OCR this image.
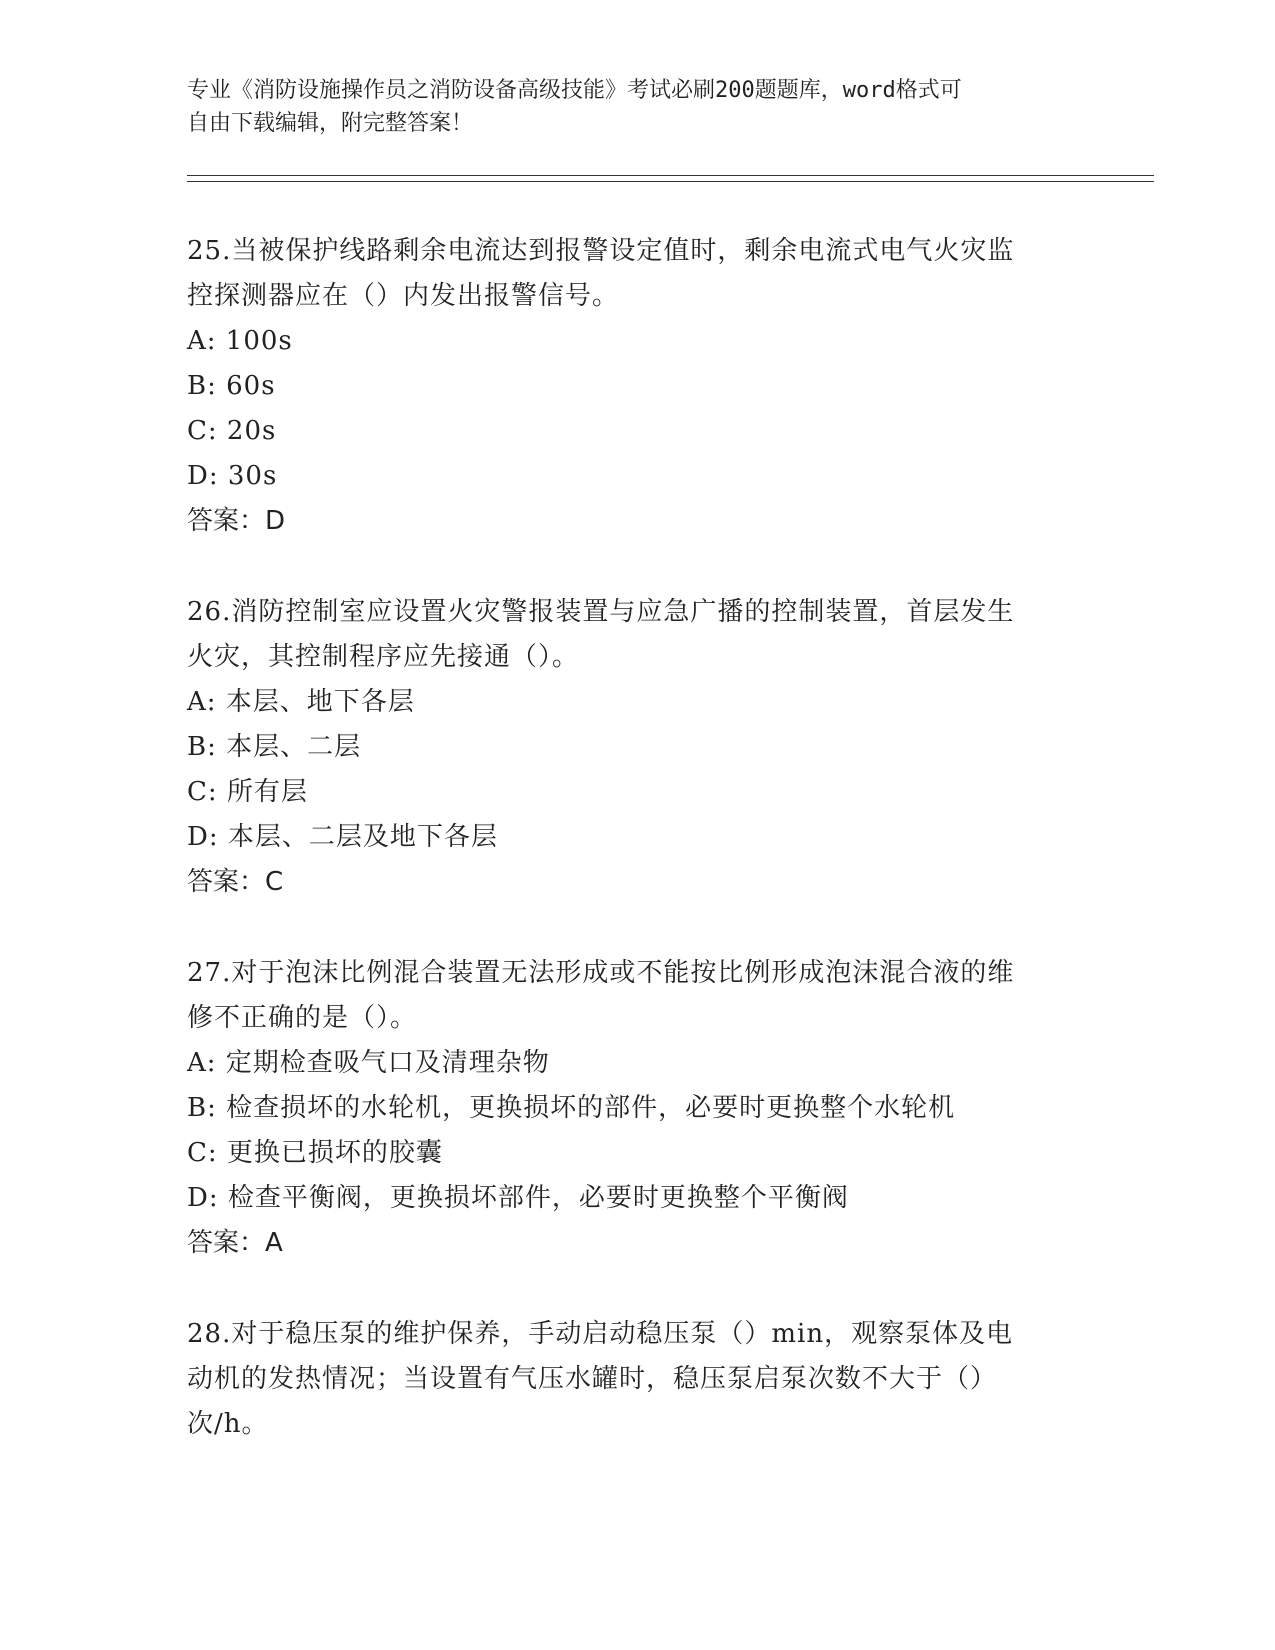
专业《消防设施操作员之消防设备高级技能》考试必刷200题题库，word格式可
自由下载编辑，附完整答案！

25.当被保护线路剩余电流达到报警设定值时，剩余电流式电气火灾监

控探测器应在（）内发出报警信号。

A: 100s

B: 60s

C: 20s

D: 30s

答案：D

26.消防控制室应设置火灾警报装置与应急广播的控制装置，首层发生

火灾，其控制程序应先接通（）。

A: 本层、地下各层

B: 本层、二层

C: 所有层

D: 本层、二层及地下各层

答案：C

27.对于泡沫比例混合装置无法形成或不能按比例形成泡沫混合液的维

修不正确的是（）。

A: 定期检查吸气口及清理杂物

B: 检查损坏的水轮机，更换损坏的部件，必要时更换整个水轮机

C: 更换已损坏的胶囊

D: 检查平衡阀，更换损坏部件，必要时更换整个平衡阀

答案：A

28.对于稳压泵的维护保养，手动启动稳压泵（）min，观察泵体及电

动机的发热情况；当设置有气压水罐时，稳压泵启泵次数不大于（）

次/h。
